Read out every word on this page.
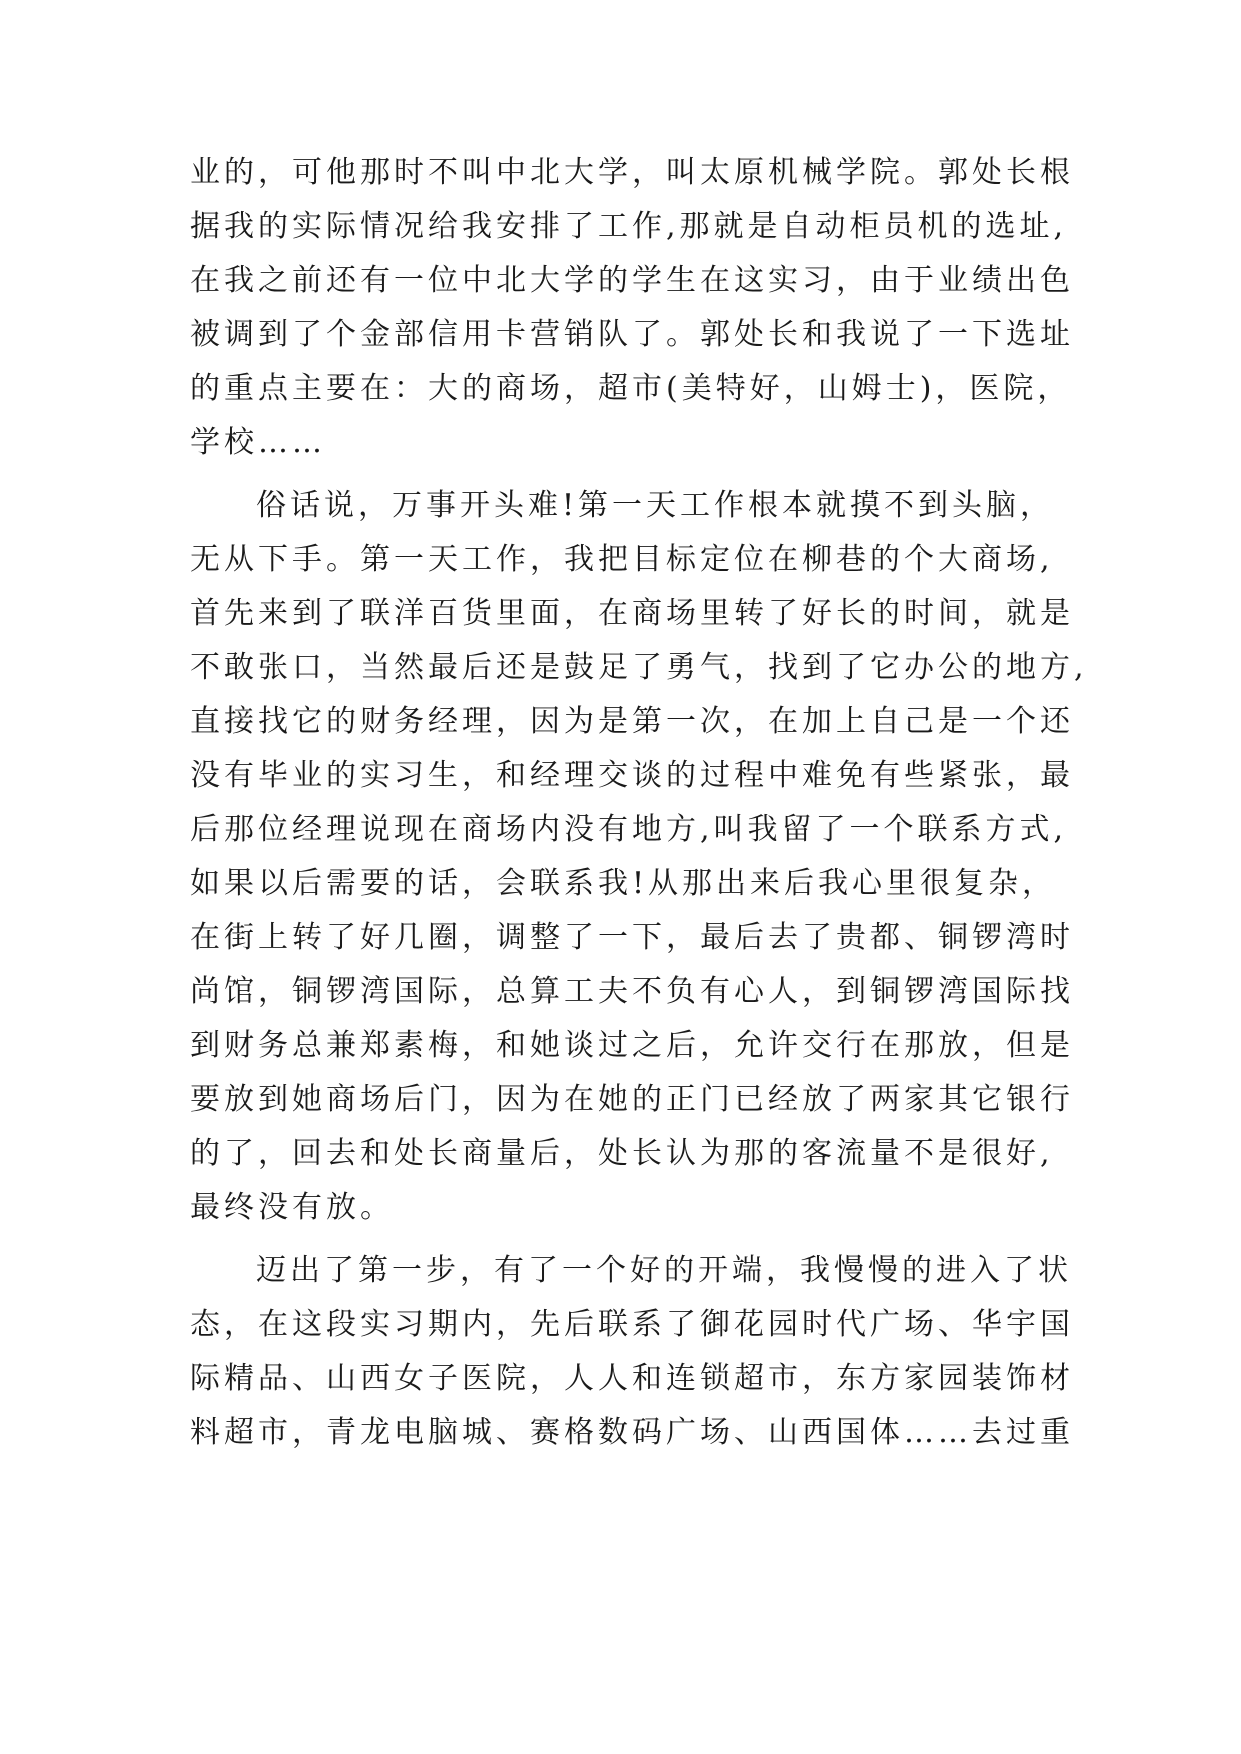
业的，可他那时不叫中北大学，叫太原机械学院。郭处长根
据我的实际情况给我安排了工作,那就是自动柜员机的选址,
在我之前还有一位中北大学的学生在这实习，由于业绩出色
被调到了个金部信用卡营销队了。郭处长和我说了一下选址
的重点主要在：大的商场，超市(美特好，山姆士)，医院，
学校……
俗话说，万事开头难!第一天工作根本就摸不到头脑，
无从下手。第一天工作，我把目标定位在柳巷的个大商场,
首先来到了联洋百货里面，在商场里转了好长的时间，就是
不敢张口，当然最后还是鼓足了勇气，找到了它办公的地方,
直接找它的财务经理，因为是第一次，在加上自己是一个还
没有毕业的实习生，和经理交谈的过程中难免有些紧张，最
后那位经理说现在商场内没有地方,叫我留了一个联系方式,
如果以后需要的话，会联系我!从那出来后我心里很复杂，
在街上转了好几圈，调整了一下，最后去了贵都、铜锣湾时
尚馆，铜锣湾国际，总算工夫不负有心人，到铜锣湾国际找
到财务总兼郑素梅，和她谈过之后，允许交行在那放，但是
要放到她商场后门，因为在她的正门已经放了两家其它银行
的了，回去和处长商量后，处长认为那的客流量不是很好,
最终没有放。
迈出了第一步，有了一个好的开端，我慢慢的进入了状
态，在这段实习期内，先后联系了御花园时代广场、华宇国
际精品、山西女子医院，人人和连锁超市，东方家园装饰材
料超市，青龙电脑城、赛格数码广场、山西国体……去过重
